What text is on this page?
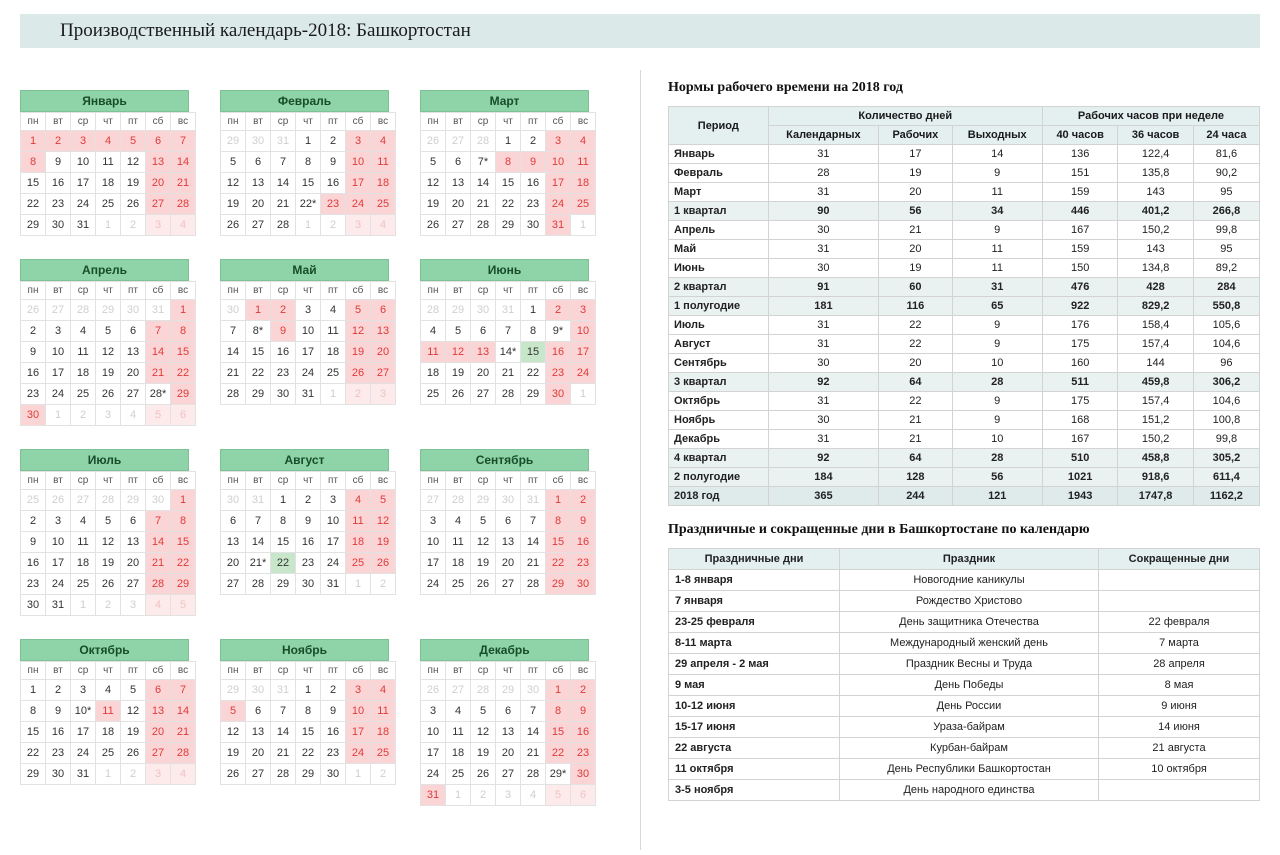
Производственный календарь-2018: Башкортостан
Январь
пн	вт	ср	чт	пт	сб	вс
1	2	3	4	5	6	7
8	9	10	11	12	13	14
15	16	17	18	19	20	21
22	23	24	25	26	27	28
29	30	31	1	2	3	4
Февраль
пн	вт	ср	чт	пт	сб	вс
29	30	31	1	2	3	4
5	6	7	8	9	10	11
12	13	14	15	16	17	18
19	20	21	22*	23	24	25
26	27	28	1	2	3	4
Март
пн	вт	ср	чт	пт	сб	вс
26	27	28	1	2	3	4
5	6	7*	8	9	10	11
12	13	14	15	16	17	18
19	20	21	22	23	24	25
26	27	28	29	30	31	1
Апрель
пн	вт	ср	чт	пт	сб	вс
26	27	28	29	30	31	1
2	3	4	5	6	7	8
9	10	11	12	13	14	15
16	17	18	19	20	21	22
23	24	25	26	27	28*	29
30	1	2	3	4	5	6
Май
пн	вт	ср	чт	пт	сб	вс
30	1	2	3	4	5	6
7	8*	9	10	11	12	13
14	15	16	17	18	19	20
21	22	23	24	25	26	27
28	29	30	31	1	2	3
Июнь
пн	вт	ср	чт	пт	сб	вс
28	29	30	31	1	2	3
4	5	6	7	8	9*	10
11	12	13	14*	15	16	17
18	19	20	21	22	23	24
25	26	27	28	29	30	1
Июль
пн	вт	ср	чт	пт	сб	вс
25	26	27	28	29	30	1
2	3	4	5	6	7	8
9	10	11	12	13	14	15
16	17	18	19	20	21	22
23	24	25	26	27	28	29
30	31	1	2	3	4	5
Август
пн	вт	ср	чт	пт	сб	вс
30	31	1	2	3	4	5
6	7	8	9	10	11	12
13	14	15	16	17	18	19
20	21*	22	23	24	25	26
27	28	29	30	31	1	2
Сентябрь
пн	вт	ср	чт	пт	сб	вс
27	28	29	30	31	1	2
3	4	5	6	7	8	9
10	11	12	13	14	15	16
17	18	19	20	21	22	23
24	25	26	27	28	29	30
Октябрь
пн	вт	ср	чт	пт	сб	вс
1	2	3	4	5	6	7
8	9	10*	11	12	13	14
15	16	17	18	19	20	21
22	23	24	25	26	27	28
29	30	31	1	2	3	4
Ноябрь
пн	вт	ср	чт	пт	сб	вс
29	30	31	1	2	3	4
5	6	7	8	9	10	11
12	13	14	15	16	17	18
19	20	21	22	23	24	25
26	27	28	29	30	1	2
Декабрь
пн	вт	ср	чт	пт	сб	вс
26	27	28	29	30	1	2
3	4	5	6	7	8	9
10	11	12	13	14	15	16
17	18	19	20	21	22	23
24	25	26	27	28	29*	30
31	1	2	3	4	5	6
Нормы рабочего времени на 2018 год
Период	Количество дней			Рабочих часов при неделе		
	Календарных	Рабочих	Выходных	40 часов	36 часов	24 часа
Январь	31	17	14	136	122,4	81,6
Февраль	28	19	9	151	135,8	90,2
Март	31	20	11	159	143	95
1 квартал	90	56	34	446	401,2	266,8
Апрель	30	21	9	167	150,2	99,8
Май	31	20	11	159	143	95
Июнь	30	19	11	150	134,8	89,2
2 квартал	91	60	31	476	428	284
1 полугодие	181	116	65	922	829,2	550,8
Июль	31	22	9	176	158,4	105,6
Август	31	22	9	175	157,4	104,6
Сентябрь	30	20	10	160	144	96
3 квартал	92	64	28	511	459,8	306,2
Октябрь	31	22	9	175	157,4	104,6
Ноябрь	30	21	9	168	151,2	100,8
Декабрь	31	21	10	167	150,2	99,8
4 квартал	92	64	28	510	458,8	305,2
2 полугодие	184	128	56	1021	918,6	611,4
2018 год	365	244	121	1943	1747,8	1162,2
Праздничные и сокращенные дни в Башкортостане по календарю
Праздничные дни	Праздник	Сокращенные дни
1-8 января	Новогодние каникулы	
7 января	Рождество Христово	
23-25 февраля	День защитника Отечества	22 февраля
8-11 марта	Международный женский день	7 марта
29 апреля - 2 мая	Праздник Весны и Труда	28 апреля
9 мая	День Победы	8 мая
10-12 июня	День России	9 июня
15-17 июня	Ураза-байрам	14 июня
22 августа	Курбан-байрам	21 августа
11 октября	День Республики Башкортостан	10 октября
3-5 ноября	День народного единства	
